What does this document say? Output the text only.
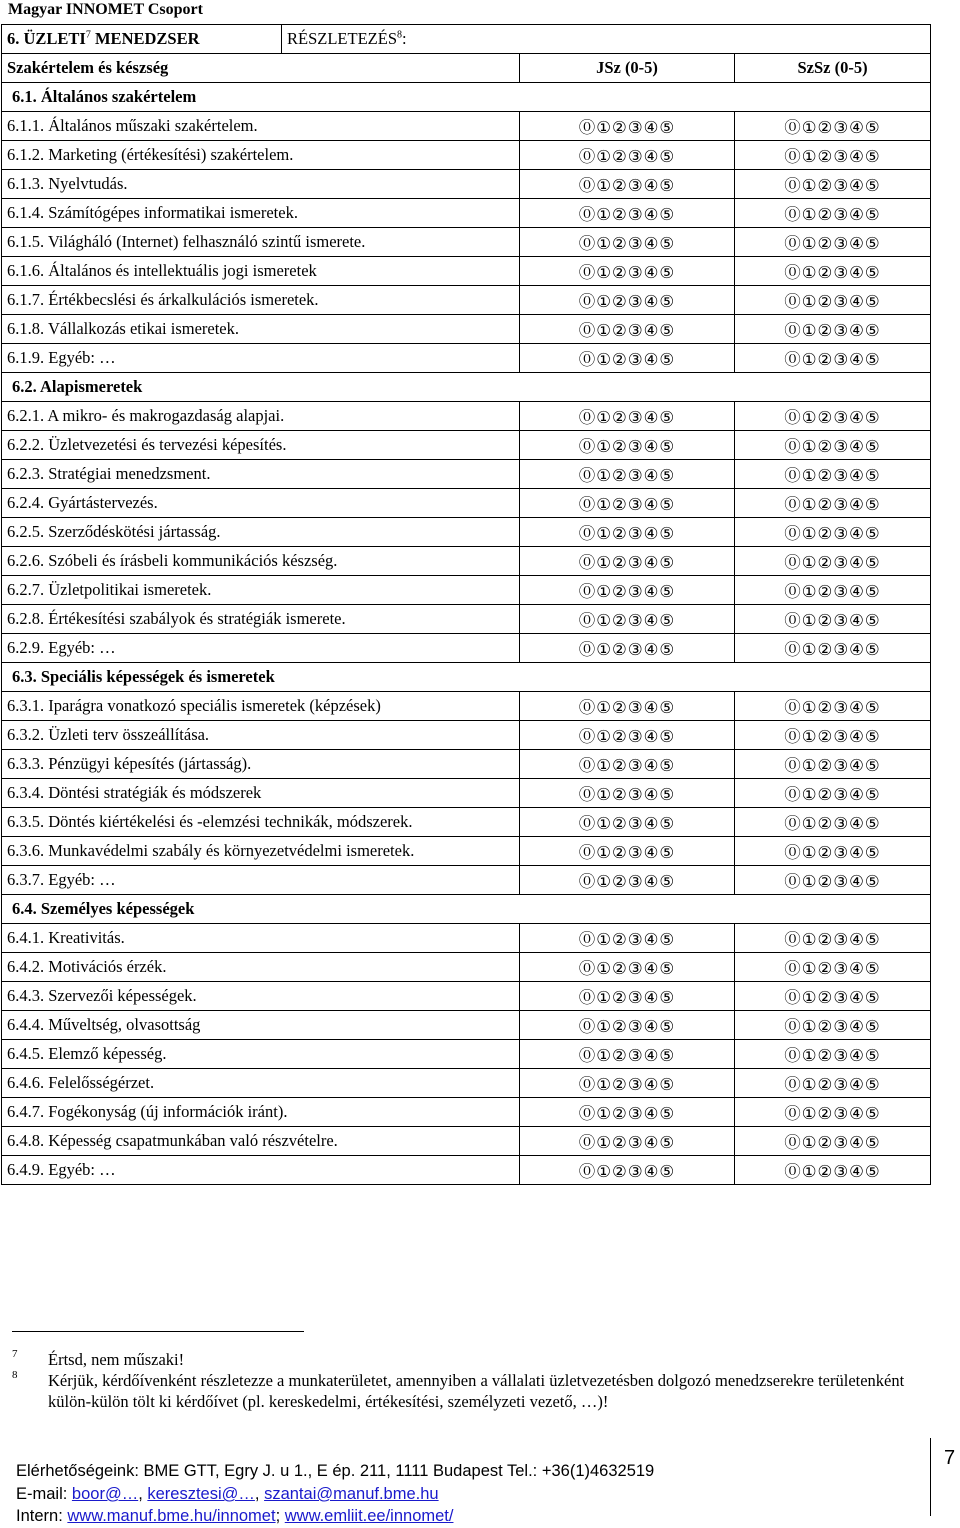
Magyar INNOMET Csoport
6. ÜZLETI$^7$ MENEDZSER	RÉSZLETEZÉS$^8$:		
Szakértelem és készség		JSz (0-5)	SzSz (0-5)
6.1. Általános szakértelem			
6.1.1. Általános műszaki szakértelem.		⓪①②③④⑤	⓪①②③④⑤
6.1.2. Marketing (értékesítési) szakértelem.		⓪①②③④⑤	⓪①②③④⑤
6.1.3. Nyelvtudás.		⓪①②③④⑤	⓪①②③④⑤
6.1.4. Számítógépes informatikai ismeretek.		⓪①②③④⑤	⓪①②③④⑤
6.1.5. Világháló (Internet) felhasználó szintű ismerete.		⓪①②③④⑤	⓪①②③④⑤
6.1.6. Általános és intellektuális jogi ismeretek		⓪①②③④⑤	⓪①②③④⑤
6.1.7. Értékbecslési és árkalkulációs ismeretek.		⓪①②③④⑤	⓪①②③④⑤
6.1.8. Vállalkozás etikai ismeretek.		⓪①②③④⑤	⓪①②③④⑤
6.1.9. Egyéb: …		⓪①②③④⑤	⓪①②③④⑤
6.2. Alapismeretek			
6.2.1. A mikro- és makrogazdaság alapjai.		⓪①②③④⑤	⓪①②③④⑤
6.2.2. Üzletvezetési és tervezési képesítés.		⓪①②③④⑤	⓪①②③④⑤
6.2.3. Stratégiai menedzsment.		⓪①②③④⑤	⓪①②③④⑤
6.2.4. Gyártástervezés.		⓪①②③④⑤	⓪①②③④⑤
6.2.5. Szerződéskötési jártasság.		⓪①②③④⑤	⓪①②③④⑤
6.2.6. Szóbeli és írásbeli kommunikációs készség.		⓪①②③④⑤	⓪①②③④⑤
6.2.7. Üzletpolitikai ismeretek.		⓪①②③④⑤	⓪①②③④⑤
6.2.8. Értékesítési szabályok és stratégiák ismerete.		⓪①②③④⑤	⓪①②③④⑤
6.2.9. Egyéb: …		⓪①②③④⑤	⓪①②③④⑤
6.3. Speciális képességek és ismeretek			
6.3.1. Iparágra vonatkozó speciális ismeretek (képzések)		⓪①②③④⑤	⓪①②③④⑤
6.3.2. Üzleti terv összeállítása.		⓪①②③④⑤	⓪①②③④⑤
6.3.3. Pénzügyi képesítés (jártasság).		⓪①②③④⑤	⓪①②③④⑤
6.3.4. Döntési stratégiák és módszerek		⓪①②③④⑤	⓪①②③④⑤
6.3.5. Döntés kiértékelési és -elemzési technikák, módszerek.		⓪①②③④⑤	⓪①②③④⑤
6.3.6. Munkavédelmi szabály és környezetvédelmi ismeretek.		⓪①②③④⑤	⓪①②③④⑤
6.3.7. Egyéb: …		⓪①②③④⑤	⓪①②③④⑤
6.4. Személyes képességek			
6.4.1. Kreativitás.		⓪①②③④⑤	⓪①②③④⑤
6.4.2. Motivációs érzék.		⓪①②③④⑤	⓪①②③④⑤
6.4.3. Szervezői képességek.		⓪①②③④⑤	⓪①②③④⑤
6.4.4. Műveltség, olvasottság		⓪①②③④⑤	⓪①②③④⑤
6.4.5. Elemző képesség.		⓪①②③④⑤	⓪①②③④⑤
6.4.6. Felelősségérzet.		⓪①②③④⑤	⓪①②③④⑤
6.4.7. Fogékonyság (új információk iránt).		⓪①②③④⑤	⓪①②③④⑤
6.4.8. Képesség csapatmunkában való részvételre.		⓪①②③④⑤	⓪①②③④⑤
6.4.9. Egyéb: …		⓪①②③④⑤	⓪①②③④⑤
7 Értsd, nem műszaki!
8 Kérjük, kérdőívenként részletezze a munkaterületet, amennyiben a vállalati üzletvezetésben dolgozó menedzserekre területenként külön-külön tölt ki kérdőívet (pl. kereskedelmi, értékesítési, személyzeti vezető, …)!
7
Elérhetőségeink: BME GTT, Egry J. u 1., E ép. 211, 1111 Budapest Tel.: +36(1)4632519
E-mail: boor@…, keresztesi@…, szantai@manuf.bme.hu
Intern: www.manuf.bme.hu/innomet; www.emliit.ee/innomet/
